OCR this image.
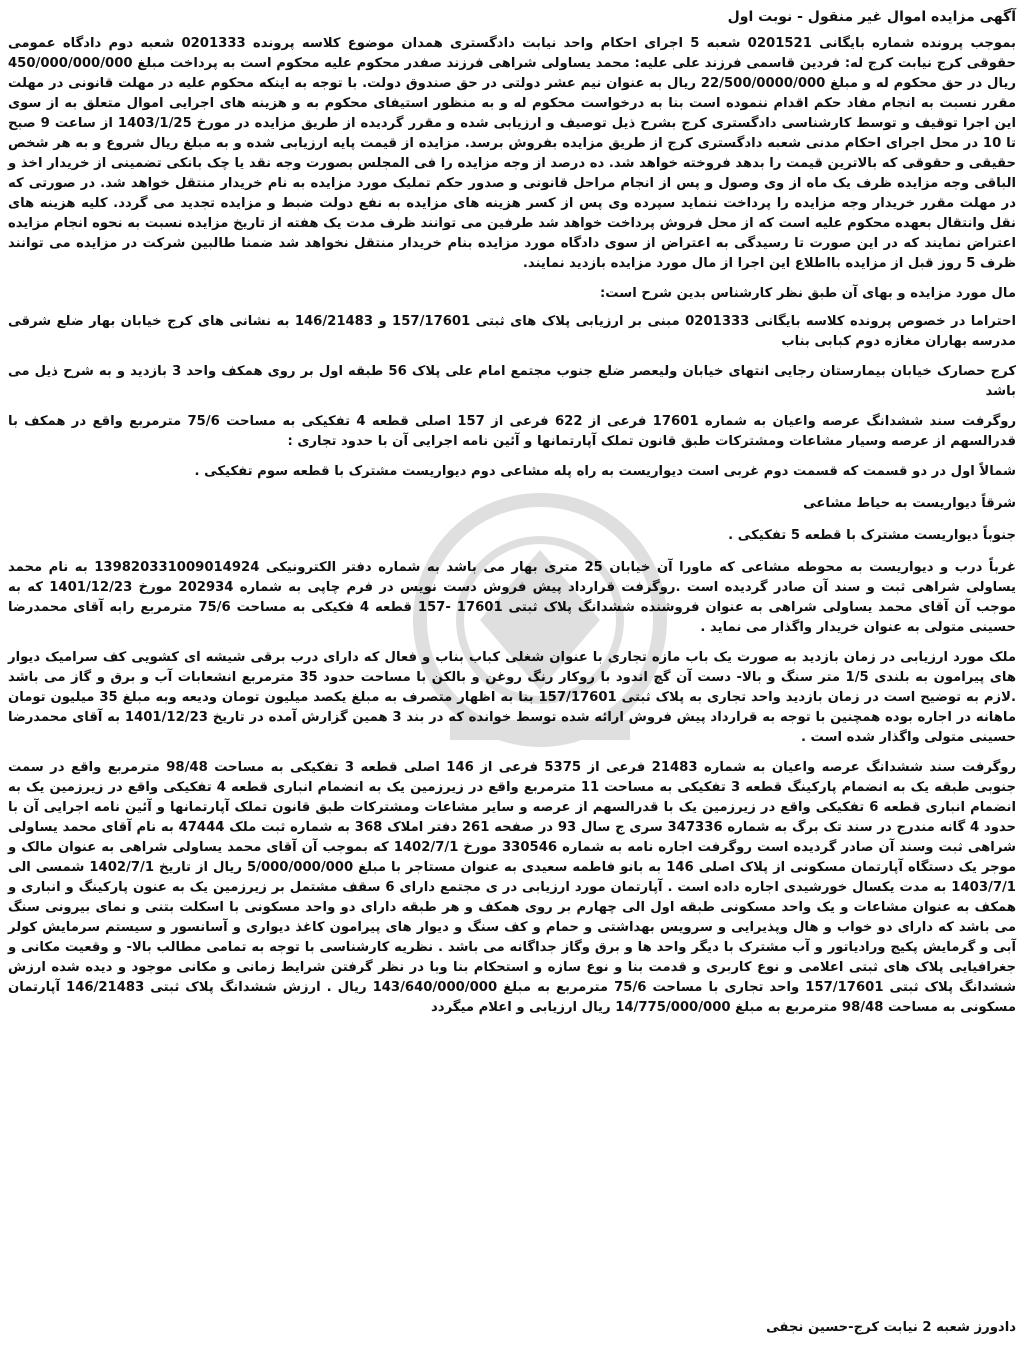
آگهی مزایده اموال غیر منقول - نوبت اول
بموجب پرونده شماره بایگانی 0201521 شعبه 5 اجرای احکام واحد نیابت دادگستری همدان موضوع کلاسه پرونده 0201333 شعبه دوم دادگاه عمومی حقوقی کرج نیابت کرج له: فردین قاسمی فرزند علی علیه: محمد یساولی شراهی فرزند صفدر محکوم علیه محکوم است به پرداخت مبلغ 450/000/000/000 ریال در حق محکوم له و مبلغ 22/500/0000/000 ریال به عنوان نیم عشر دولتی در حق صندوق دولت. با توجه به اینکه محکوم علیه در مهلت قانونی در مهلت مقرر نسبت به انجام مفاد حکم اقدام ننموده است بنا به درخواست محکوم له و به منظور استیفای محکوم به و هزینه های اجرایی اموال متعلق به از سوی این اجرا توقیف و توسط کارشناسی دادگستری کرج بشرح ذیل توصیف و ارزیابی شده و مقرر گردیده از طریق مزایده در مورخ 1403/1/25 از ساعت 9 صبح تا 10 در محل اجرای احکام مدنی شعبه دادگستری کرج از طریق مزایده بفروش برسد. مزایده از قیمت پایه ارزیابی شده و به مبلغ ریال شروع و به هر شخص حقیقی و حقوقی که بالاترین قیمت را بدهد فروخته خواهد شد. ده درصد از وجه مزایده را فی المجلس بصورت وجه نقد یا چک بانکی تضمینی از خریدار اخذ و الباقی وجه مزایده ظرف یک ماه از وی وصول و پس از انجام مراحل قانونی و صدور حکم تملیک مورد مزایده به نام خریدار منتقل خواهد شد. در صورتی که در مهلت مقرر خریدار وجه مزایده را پرداخت ننماید سپرده وی پس از کسر هزینه های مزایده به نفع دولت ضبط و مزایده تجدید می گردد. کلیه هزینه های نقل وانتقال بعهده محکوم علیه است که از محل فروش پرداخت خواهد شد طرفین می توانند ظرف مدت یک هفته از تاریخ مزایده نسبت به نحوه انجام مزایده اعتراض نمایند که در این صورت تا رسیدگی به اعتراض از سوی دادگاه مورد مزایده بنام خریدار منتقل نخواهد شد ضمنا طالبین شرکت در مزایده می توانند ظرف 5 روز قبل از مزایده بااطلاع این اجرا از مال مورد مزایده بازدید نمایند.
مال مورد مزایده و بهای آن طبق نظر کارشناس بدین شرح است:
احتراما در خصوص پرونده کلاسه بایگانی 0201333 مبنی بر ارزیابی پلاک های ثبتی 157/17601 و 146/21483 به نشانی های کرج خیابان بهار ضلع شرقی مدرسه بهاران مغازه دوم کبابی بناب
کرج حصارک خیابان بیمارستان رجایی انتهای خیابان ولیعصر ضلع جنوب مجتمع امام علی پلاک 56 طبقه اول بر روی همکف واحد 3 بازدید و به شرح ذیل می باشد
روگرفت سند ششدانگ عرصه واعیان به شماره 17601 فرعی از 622 فرعی از 157 اصلی قطعه 4 تفکیکی به مساحت 75/6 مترمربع واقع در همکف با قدرالسهم از عرصه وسیار مشاعات ومشترکات طبق قانون تملک آپارتمانها و آئین نامه اجرایی آن با حدود تجاری :
شمالاً اول در دو قسمت که قسمت دوم غربی است دیواریست به راه پله مشاعی دوم دیواریست مشترک با قطعه سوم تفکیکی .
شرقاً دیواریست به حیاط مشاعی
جنوباً دیواریست مشترک با قطعه 5 تفکیکی .
غرباً درب و دیواریست به محوطه مشاعی که ماورا آن خیابان 25 متری بهار می باشد به شماره دفتر الکترونیکی 139820331009014924 به نام محمد یساولی شراهی ثبت و سند آن صادر گردیده است .روگرفت قرارداد پیش فروش دست نویس در فرم چاپی به شماره 202934 مورخ 1401/12/23 که به موجب آن آقای محمد یساولی شراهی به عنوان فروشنده ششدانگ پلاک ثبتی 17601 -157 قطعه 4 فکیکی به مساحت 75/6 مترمربع رابه آقای محمدرضا حسینی متولی به عنوان خریدار واگذار می نماید .
ملک مورد ارزیابی در زمان بازدید به صورت یک باب مازه تجاری با عنوان شغلی کباب بناب و فعال که دارای درب برقی شیشه ای کشویی کف سرامیک دیوار های پیرامون به بلندی 1/5 متر سنگ و بالا- دست آن گچ اندود با روکار رنگ روغن و بالکن با مساحت حدود 35 مترمربع انشعابات آب و برق و گاز می باشد .لازم به توضیح است در زمان بازدید واحد تجاری به پلاک ثبتی 157/17601 بنا به اظهار متصرف به مبلغ یکصد میلیون تومان ودیعه وبه مبلغ 35 میلیون تومان ماهانه در اجاره بوده همچنین با توجه به قرارداد پیش فروش ارائه شده توسط خوانده که در بند 3 همین گزارش آمده در تاریخ 1401/12/23 به آقای محمدرضا حسینی متولی واگذار شده است .
روگرفت سند ششدانگ عرصه واعیان به شماره 21483 فرعی از 5375 فرعی از 146 اصلی قطعه 3 تفکیکی به مساحت 98/48 مترمربع واقع در سمت جنوبی طبقه یک به انضمام پارکینگ قطعه 3 تفکیکی به مساحت 11 مترمربع واقع در زیرزمین یک به انضمام انباری قطعه 4 تفکیکی واقع در زیرزمین یک به انضمام انباری قطعه 6 تفکیکی واقع در زیرزمین یک با قدرالسهم از عرصه و سایر مشاعات ومشترکات طبق قانون تملک آپارتمانها و آئین نامه اجرایی آن با حدود 4 گانه مندرج در سند تک برگ به شماره 347336 سری ج سال 93 در صفحه 261 دفتر املاک 368 به شماره ثبت ملک 47444 به نام آقای محمد یساولی شراهی ثبت وسند آن صادر گردیده است روگرفت اجاره نامه به شماره 330546 مورخ 1402/7/1 که بموجب آن آقای محمد یساولی شراهی به عنوان مالک و موجر یک دستگاه آپارتمان مسکونی از پلاک اصلی 146 به بانو فاطمه سعیدی به عنوان مستاجر با مبلغ 5/000/000/000 ریال از تاریخ 1402/7/1 شمسی الی 1403/7/1 به مدت یکسال خورشیدی اجاره داده است . آپارتمان مورد ارزیابی در ی مجتمع دارای 6 سقف مشتمل بر زیرزمین یک به عنون پارکینگ و انباری و همکف به عنوان مشاعات و یک واحد مسکونی طبقه اول الی چهارم بر روی همکف و هر طبقه دارای دو واحد مسکونی با اسکلت بتنی و نمای بیرونی سنگ می باشد که دارای دو خواب و هال وپذیرایی و سرویس بهداشتی و حمام و کف سنگ و دیوار های پیرامون کاغذ دیواری و آسانسور و سیستم سرمایش کولر آبی و گرمایش پکیج ورادیاتور و آب مشترک با دیگر واحد ها و برق وگاز جداگانه می باشد . نظریه کارشناسی با توجه به تمامی مطالب بالا- و وقعیت مکانی و جغرافیایی پلاک های ثبتی اعلامی و نوع کاربری و قدمت بنا و نوع سازه و استحکام بنا وبا در نظر گرفتن شرایط زمانی و مکانی موجود و دیده شده ارزش ششدانگ پلاک ثبتی 157/17601 واحد تجاری با مساحت 75/6 مترمربع به مبلغ 143/640/000/000 ریال . ارزش ششدانگ پلاک ثبتی 146/21483 آپارتمان مسکونی به مساحت 98/48 مترمربع به مبلغ 14/775/000/000 ریال ارزیابی و اعلام میگردد
دادورز شعبه 2 نیابت کرج-حسین نجفی
